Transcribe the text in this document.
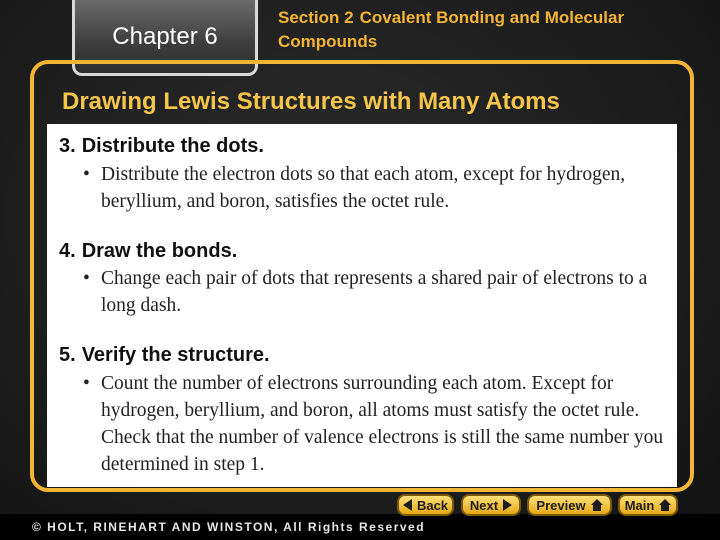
Chapter 6
Section 2 Covalent Bonding and Molecular Compounds
Drawing Lewis Structures with Many Atoms
3. Distribute the dots.
• Distribute the electron dots so that each atom, except for hydrogen, beryllium, and boron, satisfies the octet rule.
4. Draw the bonds.
• Change each pair of dots that represents a shared pair of electrons to a long dash.
5. Verify the structure.
• Count the number of electrons surrounding each atom. Except for hydrogen, beryllium, and boron, all atoms must satisfy the octet rule. Check that the number of valence electrons is still the same number you determined in step 1.
© HOLT, RINEHART AND WINSTON, All Rights Reserved
Back Next	Preview	Main
